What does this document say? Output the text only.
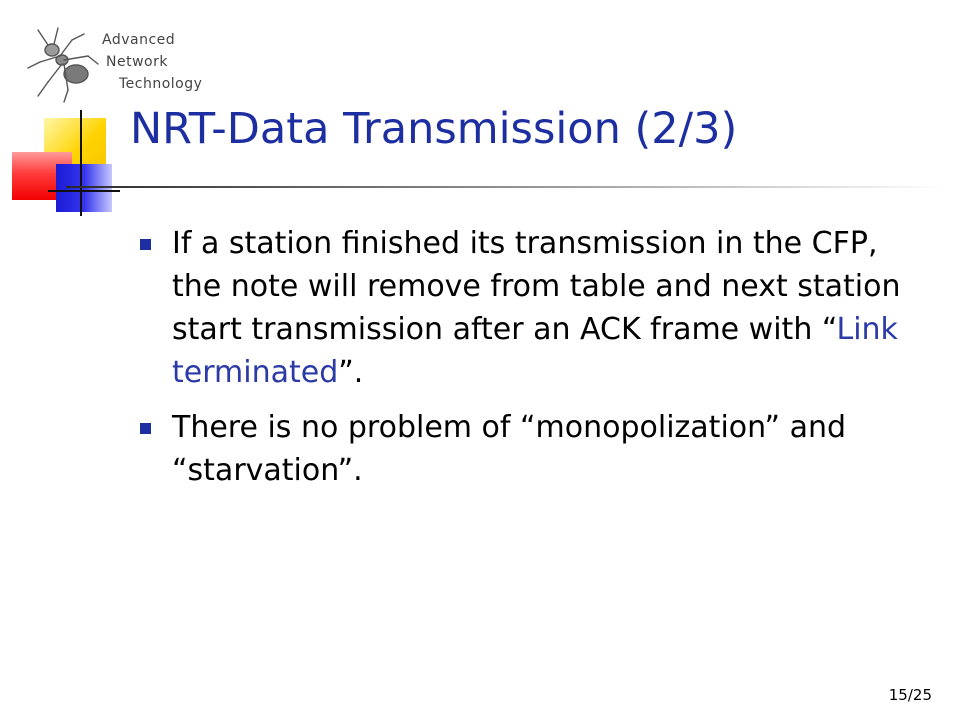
Advanced
Network
Technology
NRT-Data Transmission (2/3)
If a station finished its transmission in the CFP, the note will remove from table and next station start transmission after an ACK frame with “Link terminated”.
There is no problem of “monopolization” and “starvation”.
15/25
